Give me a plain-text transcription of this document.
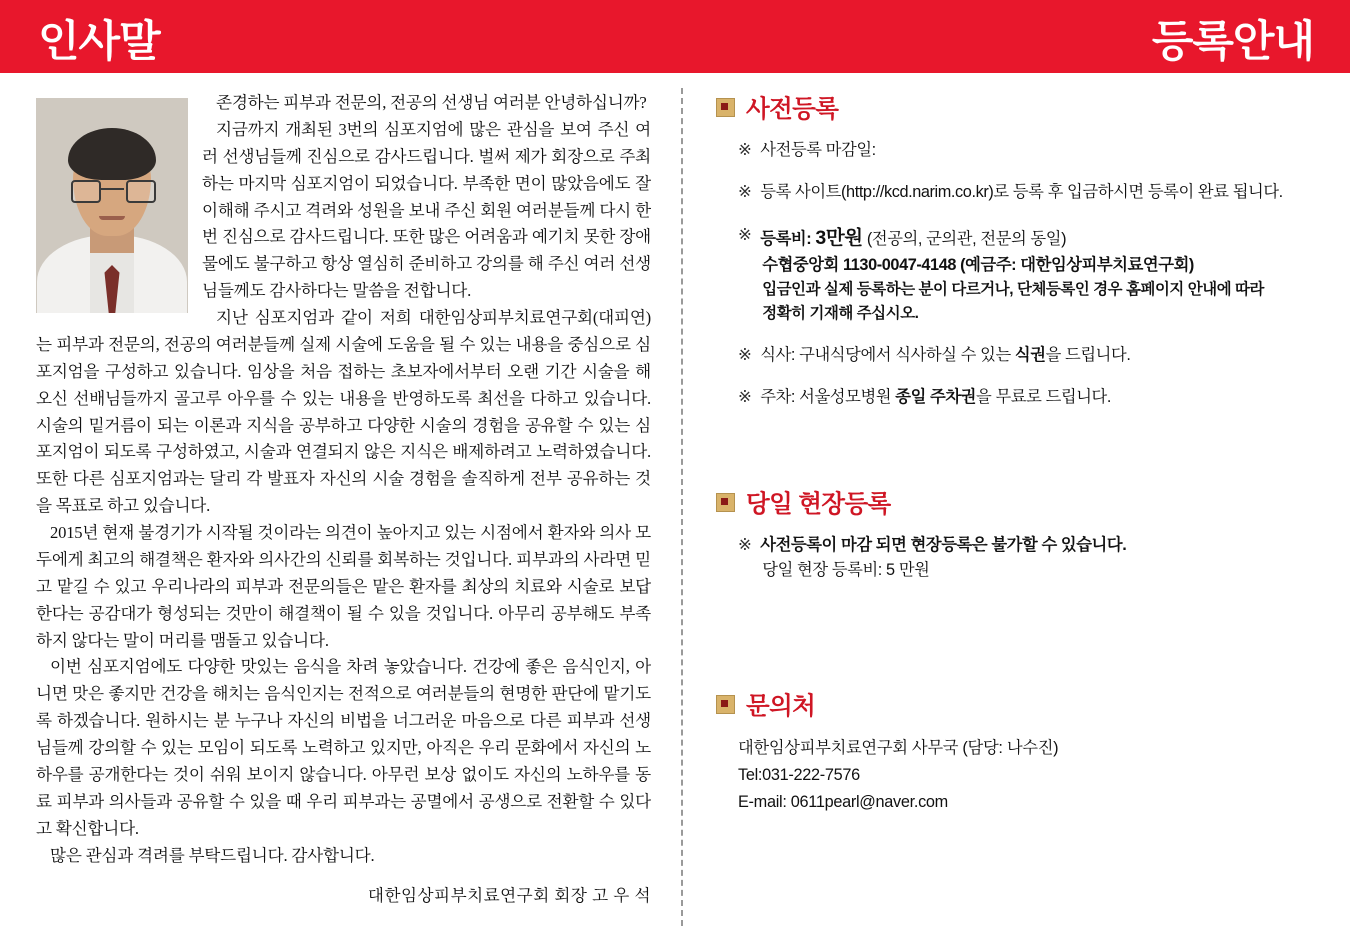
인사말	등록안내

존경하는 피부과 전문의, 전공의 선생님 여러분 안녕하십니까?

지금까지 개최된 3번의 심포지엄에 많은 관심을 보여 주신 여러 선생님들께 진심으로 감사드립니다. 벌써 제가 회장으로 주최하는 마지막 심포지엄이 되었습니다. 부족한 면이 많았음에도 잘 이해해 주시고 격려와 성원을 보내 주신 회원 여러분들께 다시 한 번 진심으로 감사드립니다. 또한 많은 어려움과 예기치 못한 장애물에도 불구하고 항상 열심히 준비하고 강의를 해 주신 여러 선생님들께도 감사하다는 말씀을 전합니다.

지난 심포지엄과 같이 저희 대한임상피부치료연구회(대피연)는 피부과 전문의, 전공의 여러분들께 실제 시술에 도움을 될 수 있는 내용을 중심으로 심포지엄을 구성하고 있습니다. 임상을 처음 접하는 초보자에서부터 오랜 기간 시술을 해 오신 선배님들까지 골고루 아우를 수 있는 내용을 반영하도록 최선을 다하고 있습니다. 시술의 밑거름이 되는 이론과 지식을 공부하고 다양한 시술의 경험을 공유할 수 있는 심포지엄이 되도록 구성하였고, 시술과 연결되지 않은 지식은 배제하려고 노력하였습니다. 또한 다른 심포지엄과는 달리 각 발표자 자신의 시술 경험을 솔직하게 전부 공유하는 것을 목표로 하고 있습니다.

2015년 현재 불경기가 시작될 것이라는 의견이 높아지고 있는 시점에서 환자와 의사 모두에게 최고의 해결책은 환자와 의사간의 신뢰를 회복하는 것입니다. 피부과의 사라면 믿고 맡길 수 있고 우리나라의 피부과 전문의들은 맡은 환자를 최상의 치료와 시술로 보답한다는 공감대가 형성되는 것만이 해결책이 될 수 있을 것입니다. 아무리 공부해도 부족하지 않다는 말이 머리를 맴돌고 있습니다.

이번 심포지엄에도 다양한 맛있는 음식을 차려 놓았습니다. 건강에 좋은 음식인지, 아니면 맛은 좋지만 건강을 해치는 음식인지는 전적으로 여러분들의 현명한 판단에 맡기도록 하겠습니다. 원하시는 분 누구나 자신의 비법을 너그러운 마음으로 다른 피부과 선생님들께 강의할 수 있는 모임이 되도록 노력하고 있지만, 아직은 우리 문화에서 자신의 노하우를 공개한다는 것이 쉬워 보이지 않습니다. 아무런 보상 없이도 자신의 노하우를 동료 피부과 의사들과 공유할 수 있을 때 우리 피부과는 공멸에서 공생으로 전환할 수 있다고 확신합니다.

많은 관심과 격려를 부탁드립니다. 감사합니다.

대한임상피부치료연구회 회장 고 우 석
사전등록
※ 사전등록 마감일:
※ 등록 사이트(http://kcd.narim.co.kr)로 등록 후 입금하시면 등록이 완료 됩니다.
※ 등록비: 3만원 (전공의, 군의관, 전문의 동일)
수협중앙회 1130-0047-4148 (예금주: 대한임상피부치료연구회)
입금인과 실제 등록하는 분이 다르거나, 단체등록인 경우 홈페이지 안내에 따라
정확히 기재해 주십시오.
※ 식사: 구내식당에서 식사하실 수 있는 식권을 드립니다.
※ 주차: 서울성모병원 종일 주차권을 무료로 드립니다.
당일 현장등록
※ 사전등록이 마감 되면 현장등록은 불가할 수 있습니다.
당일 현장 등록비: 5 만원
문의처
대한임상피부치료연구회 사무국 (담당: 나수진)
Tel:031-222-7576
E-mail: 0611pearl@naver.com
